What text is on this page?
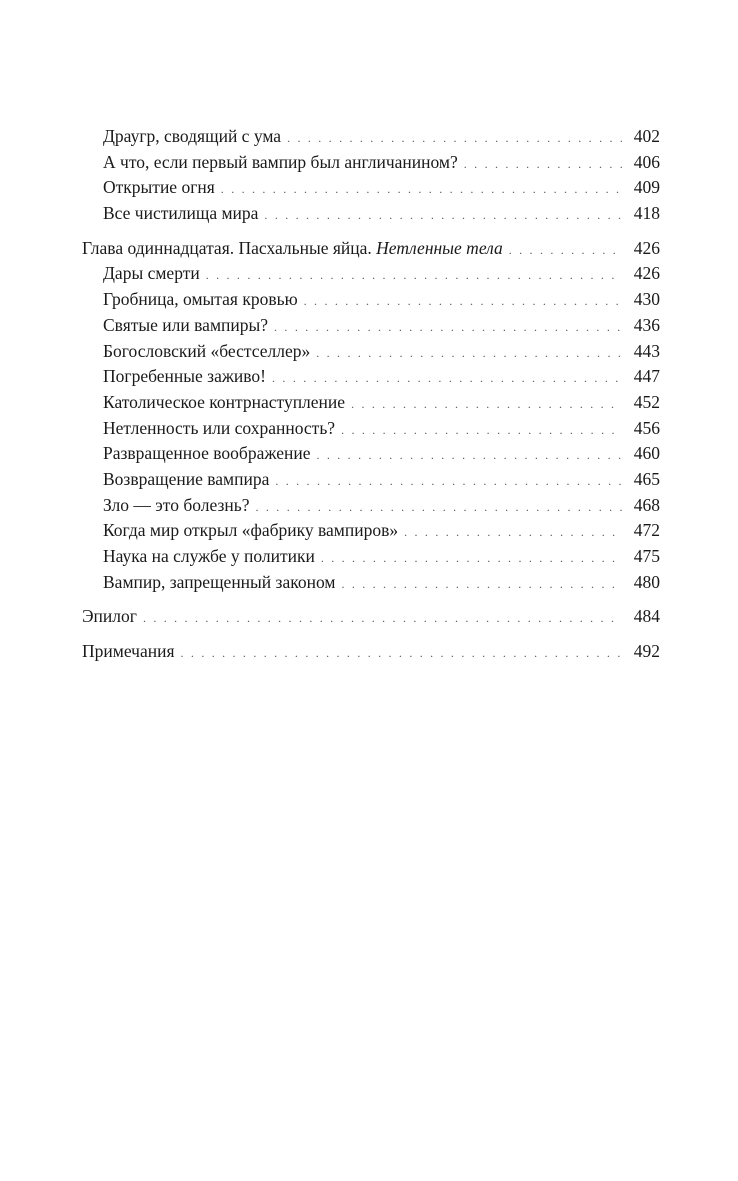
Драугр, сводящий с ума . . .	402
А что, если первый вампир был англичанином? . . .	406
Открытие огня . . .	409
Все чистилища мира . . .	418
Глава одиннадцатая. Пасхальные яйца. Нетленные тела . . .	426
Дары смерти . . .	426
Гробница, омытая кровью . . .	430
Святые или вампиры? . . .	436
Богословский «бестселлер» . . .	443
Погребенные заживо! . . .	447
Католическое контрнаступление . . .	452
Нетленность или сохранность? . . .	456
Развращенное воображение . . .	460
Возвращение вампира . . .	465
Зло — это болезнь? . . .	468
Когда мир открыл «фабрику вампиров» . . .	472
Наука на службе у политики . . .	475
Вампир, запрещенный законом . . .	480
Эпилог . . .	484
Примечания . . .	492
